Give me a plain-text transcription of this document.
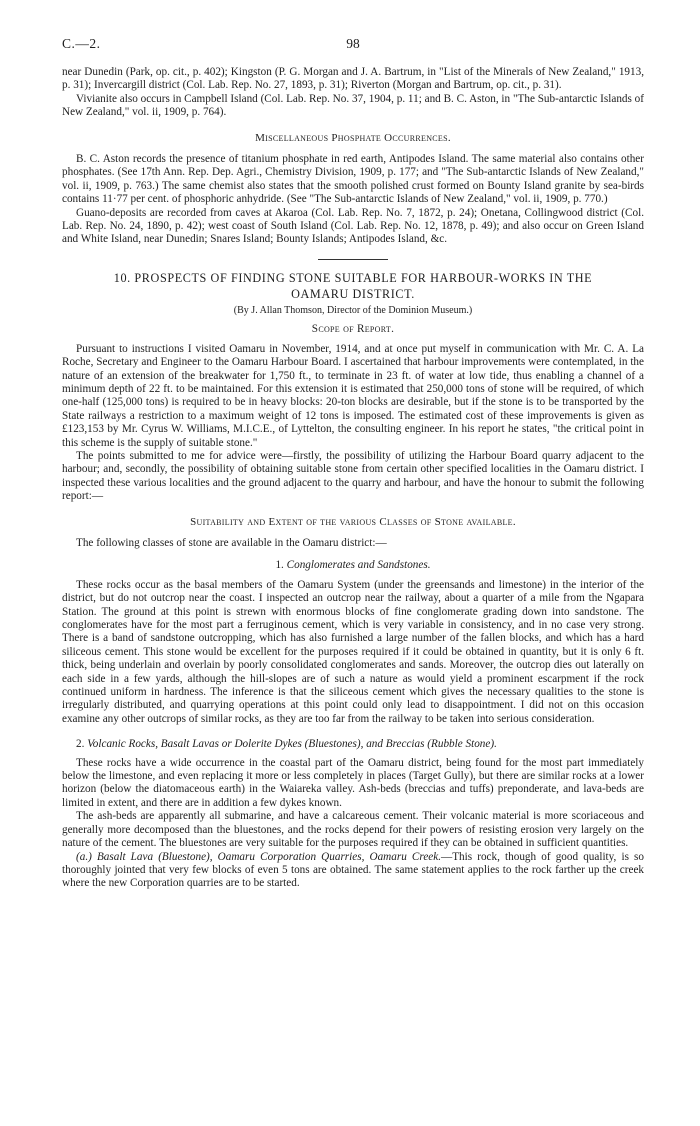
C.—2.	98

near Dunedin (Park, op. cit., p. 402); Kingston (P. G. Morgan and J. A. Bartrum, in "List of the Minerals of New Zealand," 1913, p. 31); Invercargill district (Col. Lab. Rep. No. 27, 1893, p. 31); Riverton (Morgan and Bartrum, op. cit., p. 31).

Vivianite also occurs in Campbell Island (Col. Lab. Rep. No. 37, 1904, p. 11; and B. C. Aston, in "The Sub-antarctic Islands of New Zealand," vol. ii, 1909, p. 764).

Miscellaneous Phosphate Occurrences.

B. C. Aston records the presence of titanium phosphate in red earth, Antipodes Island. The same material also contains other phosphates. (See 17th Ann. Rep. Dep. Agri., Chemistry Division, 1909, p. 177; and "The Sub-antarctic Islands of New Zealand," vol. ii, 1909, p. 763.) The same chemist also states that the smooth polished crust formed on Bounty Island granite by sea-birds contains 11·77 per cent. of phosphoric anhydride. (See "The Sub-antarctic Islands of New Zealand," vol. ii, 1909, p. 770.)

Guano-deposits are recorded from caves at Akaroa (Col. Lab. Rep. No. 7, 1872, p. 24); Onetana, Collingwood district (Col. Lab. Rep. No. 24, 1890, p. 42); west coast of South Island (Col. Lab. Rep. No. 12, 1878, p. 49); and also occur on Green Island and White Island, near Dunedin; Snares Island; Bounty Islands; Antipodes Island, &c.

10. PROSPECTS OF FINDING STONE SUITABLE FOR HARBOUR-WORKS IN THE
OAMARU DISTRICT.
(By J. Allan Thomson, Director of the Dominion Museum.)
Scope of Report.

Pursuant to instructions I visited Oamaru in November, 1914, and at once put myself in communication with Mr. C. A. La Roche, Secretary and Engineer to the Oamaru Harbour Board. I ascertained that harbour improvements were contemplated, in the nature of an extension of the breakwater for 1,750 ft., to terminate in 23 ft. of water at low tide, thus enabling a channel of a minimum depth of 22 ft. to be maintained. For this extension it is estimated that 250,000 tons of stone will be required, of which one-half (125,000 tons) is required to be in heavy blocks: 20-ton blocks are desirable, but if the stone is to be transported by the State railways a restriction to a maximum weight of 12 tons is imposed. The estimated cost of these improvements is given as £123,153 by Mr. Cyrus W. Williams, M.I.C.E., of Lyttelton, the consulting engineer. In his report he states, "the critical point in this scheme is the supply of suitable stone."

The points submitted to me for advice were—firstly, the possibility of utilizing the Harbour Board quarry adjacent to the harbour; and, secondly, the possibility of obtaining suitable stone from certain other specified localities in the Oamaru district. I inspected these various localities and the ground adjacent to the quarry and harbour, and have the honour to submit the following report:—

Suitability and Extent of the various Classes of Stone available.

The following classes of stone are available in the Oamaru district:—

1. Conglomerates and Sandstones.

These rocks occur as the basal members of the Oamaru System (under the greensands and limestone) in the interior of the district, but do not outcrop near the coast. I inspected an outcrop near the railway, about a quarter of a mile from the Ngapara Station. The ground at this point is strewn with enormous blocks of fine conglomerate grading down into sandstone. The conglomerates have for the most part a ferruginous cement, which is very variable in consistency, and in no case very strong. There is a band of sandstone outcropping, which has also furnished a large number of the fallen blocks, and which has a hard siliceous cement. This stone would be excellent for the purposes required if it could be obtained in quantity, but it is only 6 ft. thick, being underlain and overlain by poorly consolidated conglomerates and sands. Moreover, the outcrop dies out laterally on each side in a few yards, although the hill-slopes are of such a nature as would yield a prominent escarpment if the rock continued uniform in hardness. The inference is that the siliceous cement which gives the necessary qualities to the stone is irregularly distributed, and quarrying operations at this point could only lead to disappointment. I did not on this occasion examine any other outcrops of similar rocks, as they are too far from the railway to be taken into serious consideration.

2. Volcanic Rocks, Basalt Lavas or Dolerite Dykes (Bluestones), and Breccias (Rubble Stone).

These rocks have a wide occurrence in the coastal part of the Oamaru district, being found for the most part immediately below the limestone, and even replacing it more or less completely in places (Target Gully), but there are similar rocks at a lower horizon (below the diatomaceous earth) in the Waiareka valley. Ash-beds (breccias and tuffs) preponderate, and lava-beds are limited in extent, and there are in addition a few dykes known.

The ash-beds are apparently all submarine, and have a calcareous cement. Their volcanic material is more scoriaceous and generally more decomposed than the bluestones, and the rocks depend for their powers of resisting erosion very largely on the nature of the cement. The bluestones are very suitable for the purposes required if they can be obtained in sufficient quantities.

(a.) Basalt Lava (Bluestone), Oamaru Corporation Quarries, Oamaru Creek.—This rock, though of good quality, is so thoroughly jointed that very few blocks of even 5 tons are obtained. The same statement applies to the rock farther up the creek where the new Corporation quarries are to be started.
